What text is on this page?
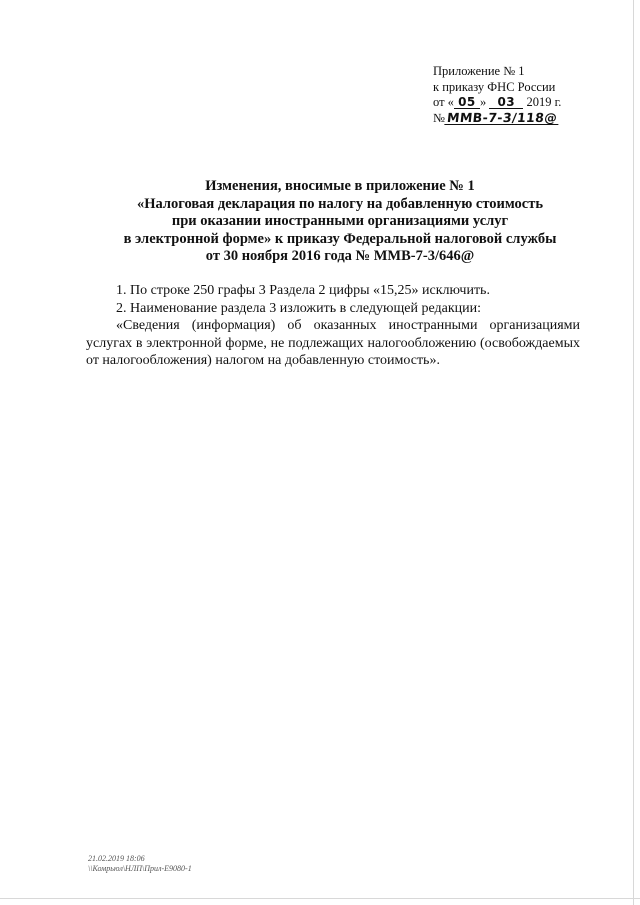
Приложение № 1
к приказу ФНС России
от « 05 » 03 2019 г.
№ММВ-7-3/118@
Изменения, вносимые в приложение № 1
«Налоговая декларация по налогу на добавленную стоимость
при оказании иностранными организациями услуг
в электронной форме» к приказу Федеральной налоговой службы
от 30 ноября 2016 года № ММВ-7-3/646@

1. По строке 250 графы 3 Раздела 2 цифры «15,25» исключить.

2. Наименование раздела 3 изложить в следующей редакции:

«Сведения (информация) об оказанных иностранными организациями услугах в электронной форме, не подлежащих налогообложению (освобождаемых от налогообложения) налогом на добавленную стоимость».

21.02.2019 18:06
\\Комрьюл\НЛП\Прил-Е9080-1
